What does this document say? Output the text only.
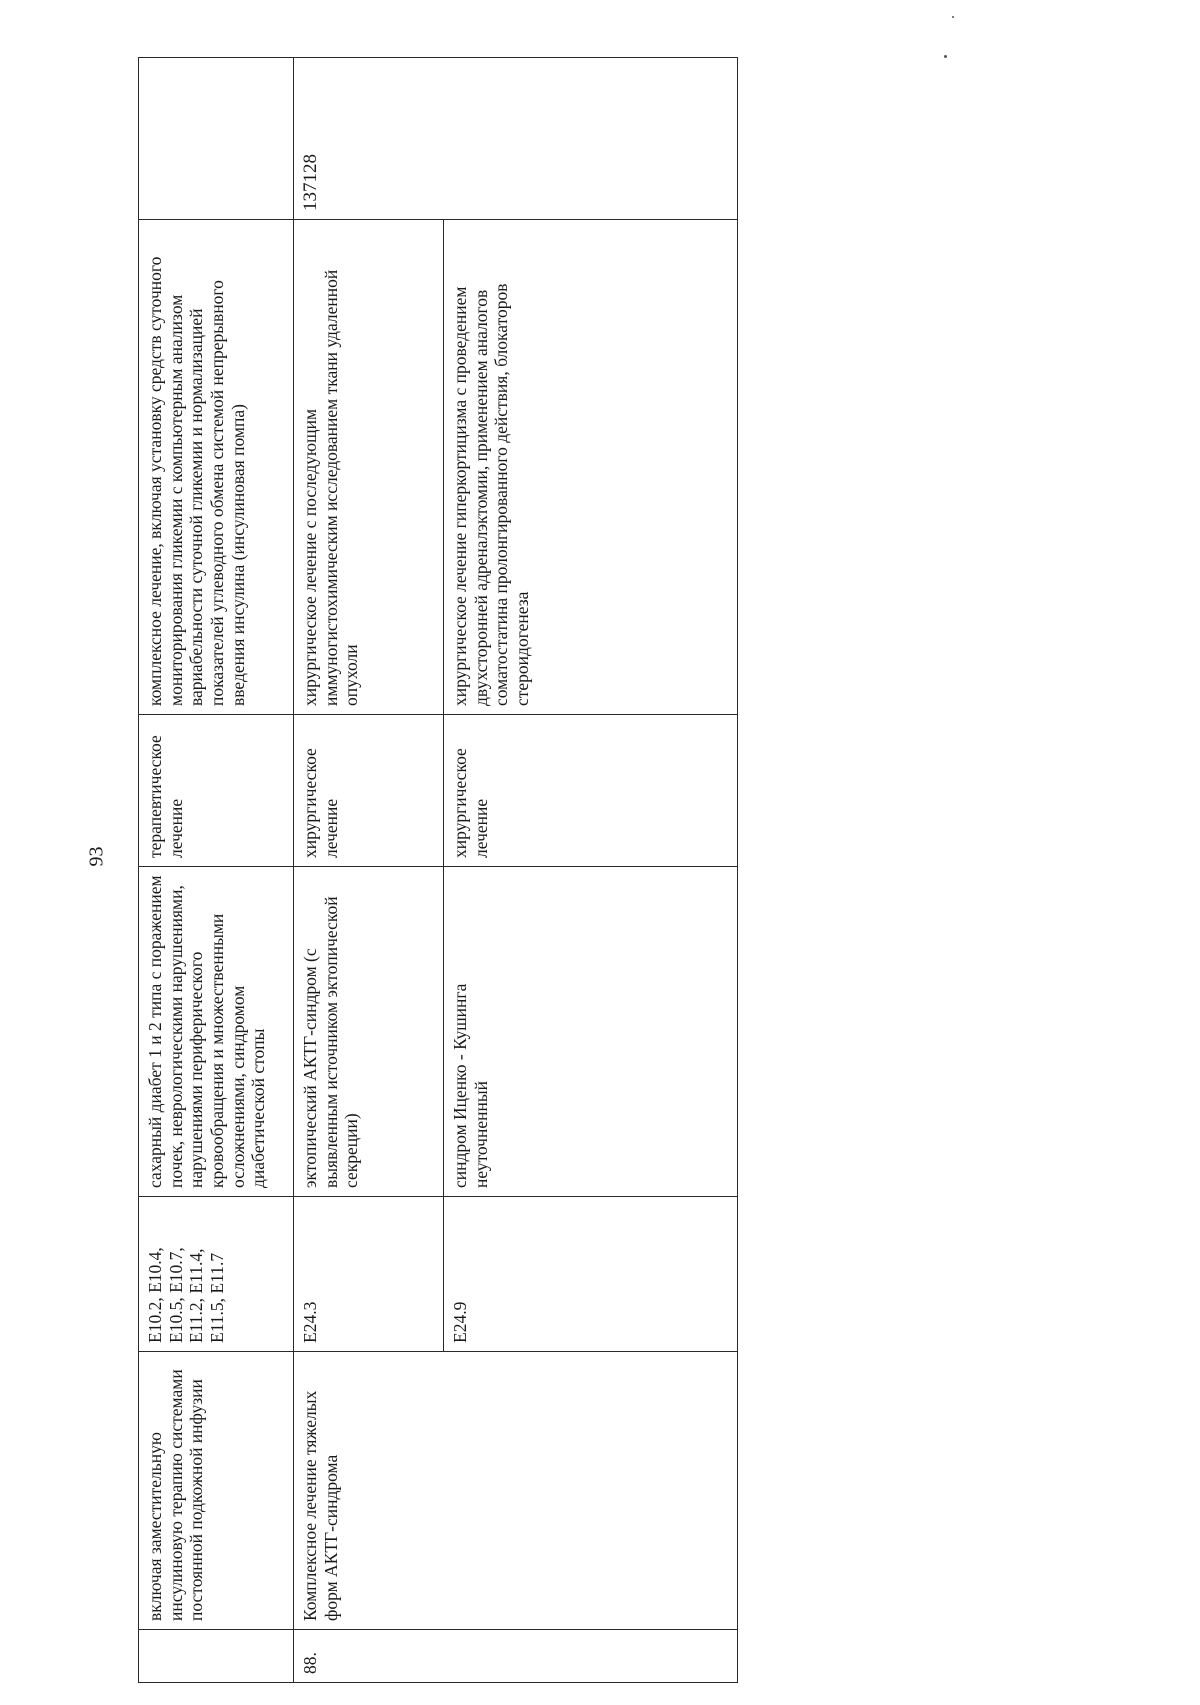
93
	включая заместительную инсулиновую терапию системами постоянной подкожной инфузии	E10.2, E10.4, E10.5, E10.7, E11.2, E11.4, E11.5, E11.7	сахарный диабет 1 и 2 типа с поражением почек, неврологическими нарушениями, нарушениями периферического кровообращения и множественными осложнениями, синдромом диабетической стопы	терапевтическое лечение	комплексное лечение, включая установку средств суточного мониторирования гликемии с компьютерным анализом вариабельности суточной гликемии и нормализацией показателей углеводного обмена системой непрерывного введения инсулина (инсулиновая помпа)	
88.	Комплексное лечение тяжелых форм АКТГ-синдрома	E24.3	эктопический АКТГ-синдром (с выявленным источником эктопической секреции)	хирургическое лечение	хирургическое лечение с последующим иммуногистохимическим исследованием ткани удаленной опухоли	137128
		E24.9	синдром Иценко - Кушинга неуточненный	хирургическое лечение	хирургическое лечение гиперкортицизма с проведением двухсторонней адреналэктомии, применением аналогов соматостатина пролонгированного действия, блокаторов стероидогенеза	
